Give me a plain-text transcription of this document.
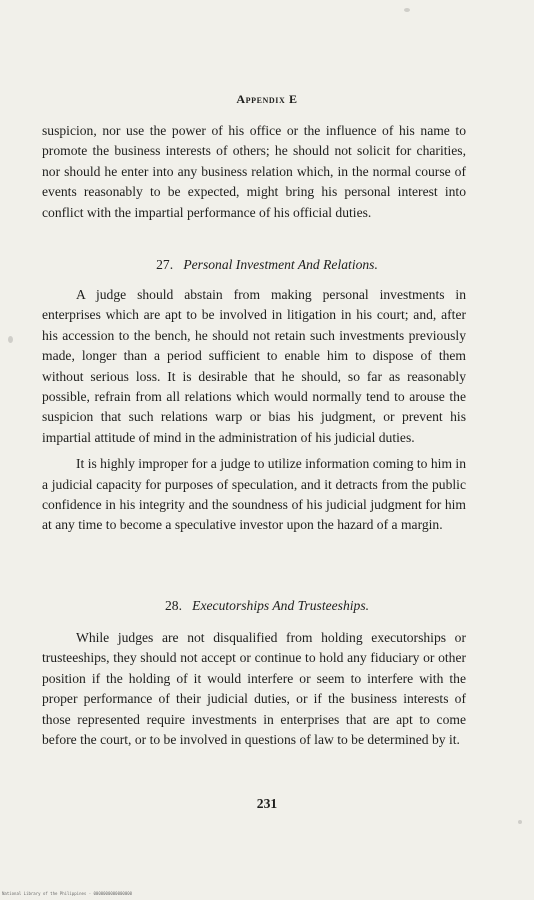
Appendix E

suspicion, nor use the power of his office or the influence of his name to promote the business interests of others; he should not solicit for charities, nor should he enter into any business relation which, in the normal course of events reasonably to be expected, might bring his personal interest into conflict with the impartial performance of his official duties.

27. Personal Investment And Relations.

A judge should abstain from making personal investments in enterprises which are apt to be involved in litigation in his court; and, after his accession to the bench, he should not retain such investments previously made, longer than a period sufficient to enable him to dispose of them without serious loss. It is desirable that he should, so far as reasonably possible, refrain from all relations which would normally tend to arouse the suspicion that such relations warp or bias his judgment, or prevent his impartial attitude of mind in the administration of his judicial duties.

It is highly improper for a judge to utilize information coming to him in a judicial capacity for purposes of speculation, and it detracts from the public confidence in his integrity and the soundness of his judicial judgment for him at any time to become a speculative investor upon the hazard of a margin.

28. Executorships And Trusteeships.

While judges are not disqualified from holding executorships or trusteeships, they should not accept or continue to hold any fiduciary or other position if the holding of it would interfere or seem to interfere with the proper performance of their judicial duties, or if the business interests of those represented require investments in enterprises that are apt to come before the court, or to be involved in questions of law to be determined by it.

231
National Library of the Philippines · 0000000000000000
